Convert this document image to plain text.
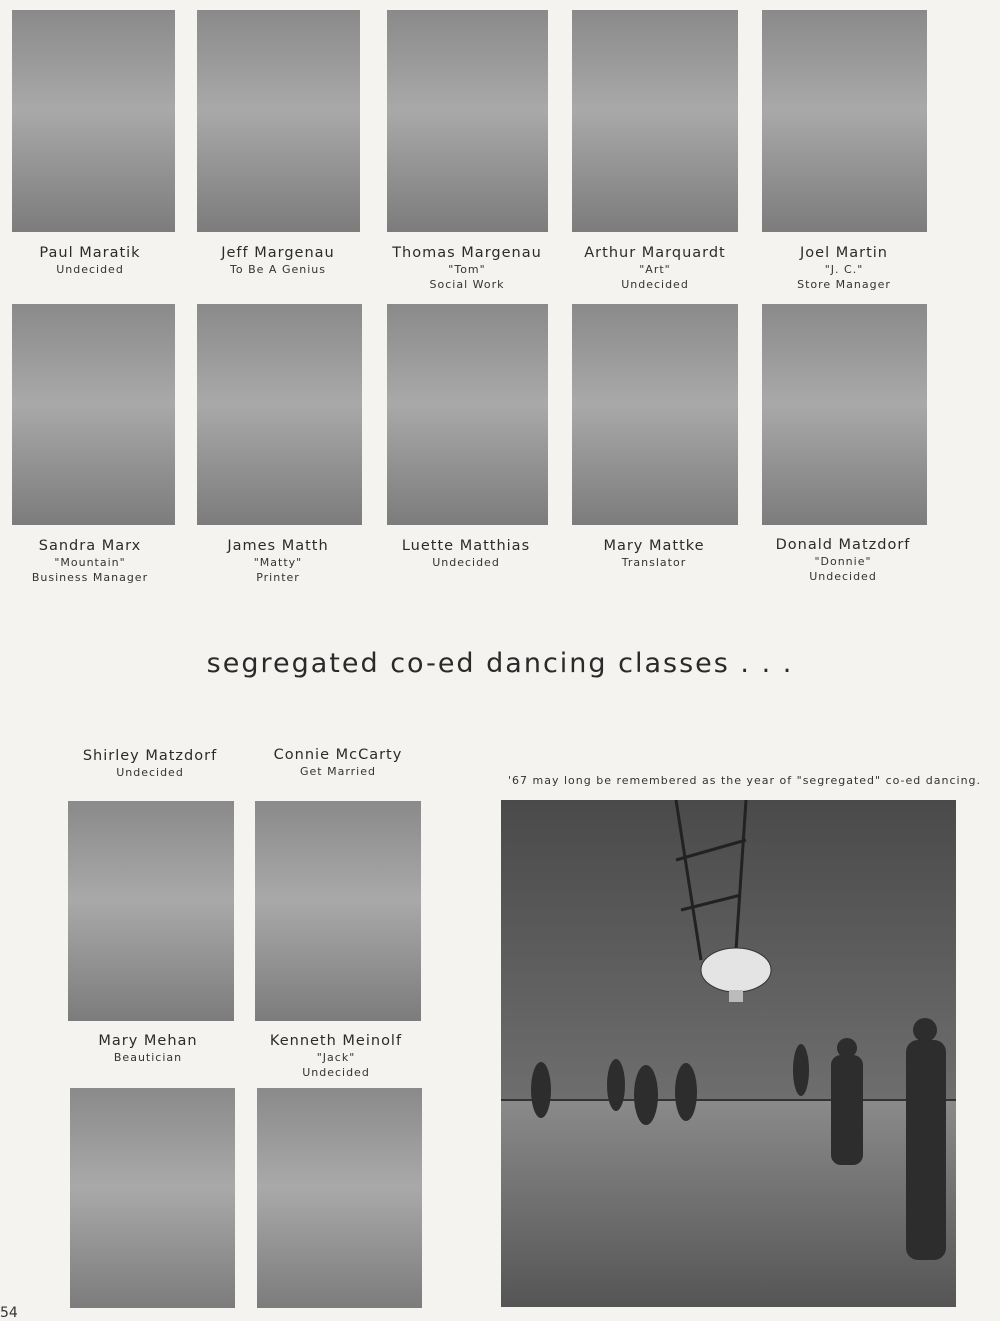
Paul Maratik
Undecided
Jeff Margenau
To Be A Genius
Thomas Margenau
"Tom"
Social Work
Arthur Marquardt
"Art"
Undecided
Joel Martin
"J. C."
Store Manager
Sandra Marx
"Mountain"
Business Manager
James Matth
"Matty"
Printer
Luette Matthias
Undecided
Mary Mattke
Translator
Donald Matzdorf
"Donnie"
Undecided
segregated co-ed dancing classes . . .
Shirley Matzdorf
Undecided
Connie McCarty
Get Married
Mary Mehan
Beautician
Kenneth Meinolf
"Jack"
Undecided
'67 may long be remembered as the year of "segregated" co-ed dancing.
54
